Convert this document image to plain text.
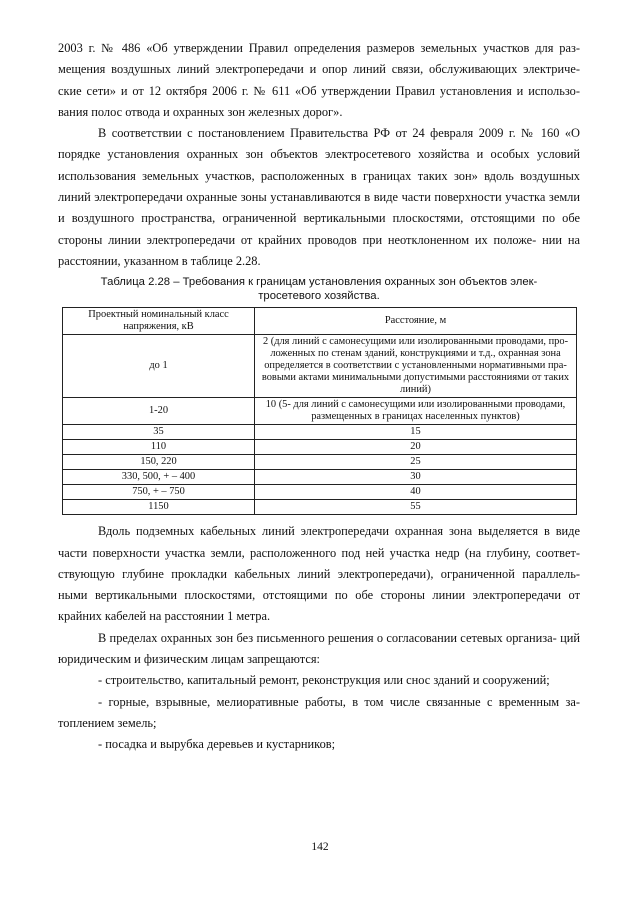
2003 г. № 486 «Об утверждении Правил определения размеров земельных участков для раз- мещения воздушных линий электропередачи и опор линий связи, обслуживающих электриче- ские сети» и от 12 октября 2006 г. № 611 «Об утверждении Правил установления и использо- вания полос отвода и охранных зон железных дорог».

В соответствии с постановлением Правительства РФ от 24 февраля 2009 г. № 160 «О порядке установления охранных зон объектов электросетевого хозяйства и особых условий использования земельных участков, расположенных в границах таких зон» вдоль воздушных линий электропередачи охранные зоны устанавливаются в виде части поверхности участка земли и воздушного пространства, ограниченной вертикальными плоскостями, отстоящими по обе стороны линии электропередачи от крайних проводов при неотклоненном их положе- нии на расстоянии, указанном в таблице 2.28.

Таблица 2.28 – Требования к границам установления охранных зон объектов элек-
тросетевого хозяйства.
Проектный номинальный класс напряжения, кВ	Расстояние, м
до 1	2 (для линий с самонесущими или изолированными проводами, про-ложенных по стенам зданий, конструкциями и т.д., охранная зона определяется в соответствии с установленными нормативными пра-вовыми актами минимальными допустимыми расстояниями от таких линий)
1-20	10 (5- для линий с самонесущими или изолированными проводами, размещенных в границах населенных пунктов)
35	15
110	20
150, 220	25
330, 500, + – 400	30
750, + – 750	40
1150	55

Вдоль подземных кабельных линий электропередачи охранная зона выделяется в виде части поверхности участка земли, расположенного под ней участка недр (на глубину, соответ- ствующую глубине прокладки кабельных линий электропередачи), ограниченной параллель- ными вертикальными плоскостями, отстоящими по обе стороны линии электропередачи от крайних кабелей на расстоянии 1 метра.

В пределах охранных зон без письменного решения о согласовании сетевых организа- ций юридическим и физическим лицам запрещаются:

- строительство, капитальный ремонт, реконструкция или снос зданий и сооружений;

- горные, взрывные, мелиоративные работы, в том числе связанные с временным за- топлением земель;

- посадка и вырубка деревьев и кустарников;

142
